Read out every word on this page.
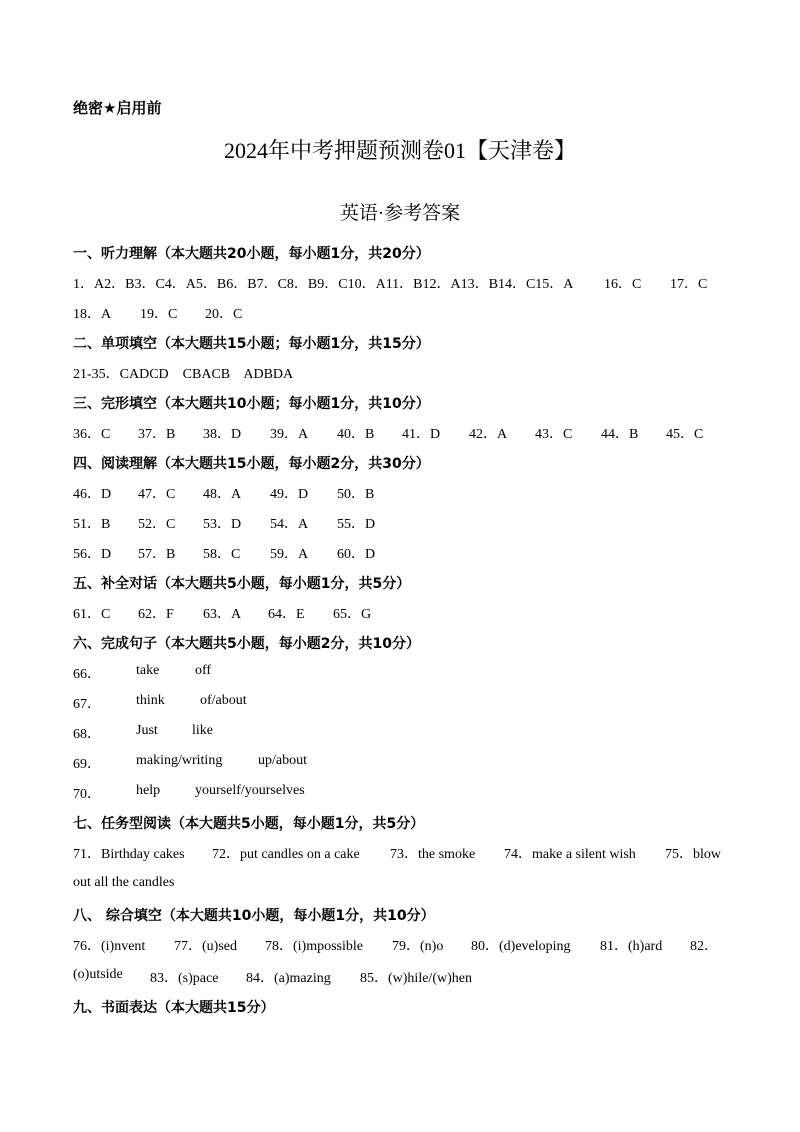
绝密★启用前
2024年中考押题预测卷01【天津卷】
英语·参考答案
一、听力理解（本大题共20小题，每小题1分，共20分）
1．A2．B3．C4．A5．B6．B7．C8．B9．C10．A11．B12．A13．B14．C15．A 16．C 17．C
18．A 19．C 20．C
二、单项填空（本大题共15小题；每小题1分，共15分）
21-35．CADCD    CBACB    ADBDA
三、完形填空（本大题共10小题；每小题1分，共10分）
36．C 37．B 38．D 39．A 40．B 41．D 42．A 43．C 44．B 45．C
四、阅读理解（本大题共15小题，每小题2分，共30分）
46．D 47．C 48．A 49．D 50．B
51．B 52．C 53．D 54．A 55．D
56．D 57．B 58．C 59．A 60．D
五、补全对话（本大题共5小题，每小题1分，共5分）
61．C 62．F 63．A 64．E 65．G
六、完成句子（本大题共5小题，每小题2分，共10分）
66．	take	off
67．	think	of/about
68．	Just like
69．	making/writing	up/about
70．	help yourself/yourselves
七、任务型阅读（本大题共5小题，每小题1分，共5分）
71．Birthday cakes 72．put candles on a cake 73．the smoke 74．make a silent wish 75．blow
out all the candles
八、 综合填空（本大题共10小题，每小题1分，共10分）
76．(i)nvent 77．(u)sed 78．(i)mpossible 79．(n)o 80．(d)eveloping 81．(h)ard 82．
(o)utside 83．(s)pace 84．(a)mazing 85．(w)hile/(w)hen
九、书面表达（本大题共15分）
